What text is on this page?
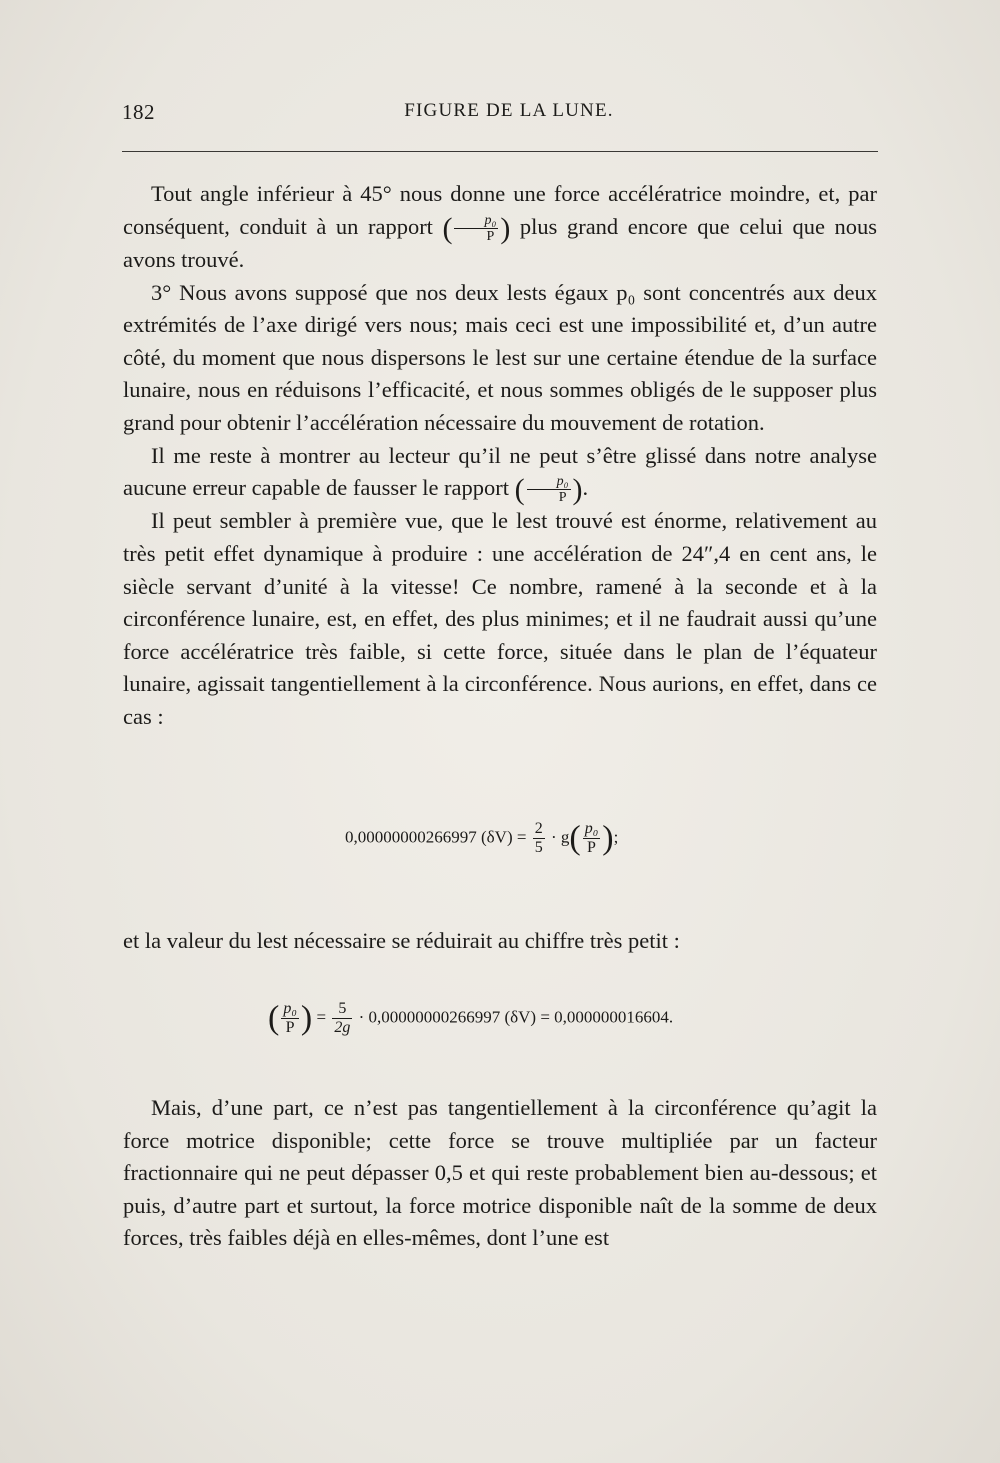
182	FIGURE DE LA LUNE.

Tout angle inférieur à 45° nous donne une force accélératrice moindre, et, par conséquent, conduit à un rapport ( $\frac{\text{p₀}}{P}$ ) plus grand encore que celui que nous avons trouvé.

3° Nous avons supposé que nos deux lests égaux p₀ sont concentrés aux deux extrémités de l’axe dirigé vers nous; mais ceci est une impossibilité et, d’un autre côté, du moment que nous dispersons le lest sur une certaine étendue de la surface lunaire, nous en réduisons l’efficacité, et nous sommes obligés de le supposer plus grand pour obtenir l’accélération nécessaire du mouvement de rotation.

Il me reste à montrer au lecteur qu’il ne peut s’être glissé dans notre analyse aucune erreur capable de fausser le rapport ( $\frac{\text{p₀}}{P}$ ).

Il peut sembler à première vue, que le lest trouvé est énorme, relativement au très petit effet dynamique à produire : une accélération de 24″,4 en cent ans, le siècle servant d’unité à la vitesse! Ce nombre, ramené à la seconde et à la circonférence lunaire, est, en effet, des plus minimes; et il ne faudrait aussi qu’une force accélératrice très faible, si cette force, située dans le plan de l’équateur lunaire, agissait tangentiellement à la circonférence. Nous aurions, en effet, dans ce cas :

0,00000000266997 $(\delta V) = \frac{2}{5} \cdot g( \frac{\text{p₀}}{P}$ );

et la valeur du lest nécessaire se réduirait au chiffre très petit :

( $\frac{\text{p₀}}{P}$ ) = $\frac{5}{2g} \cdot 0,00000000266997$ (δV) = 0,000000016604.

Mais, d’une part, ce n’est pas tangentiellement à la circonférence qu’agit la force motrice disponible; cette force se trouve multipliée par un facteur fractionnaire qui ne peut dépasser 0,5 et qui reste probablement bien au-dessous; et puis, d’autre part et surtout, la force motrice disponible naît de la somme de deux forces, très faibles déjà en elles-mêmes, dont l’une est
